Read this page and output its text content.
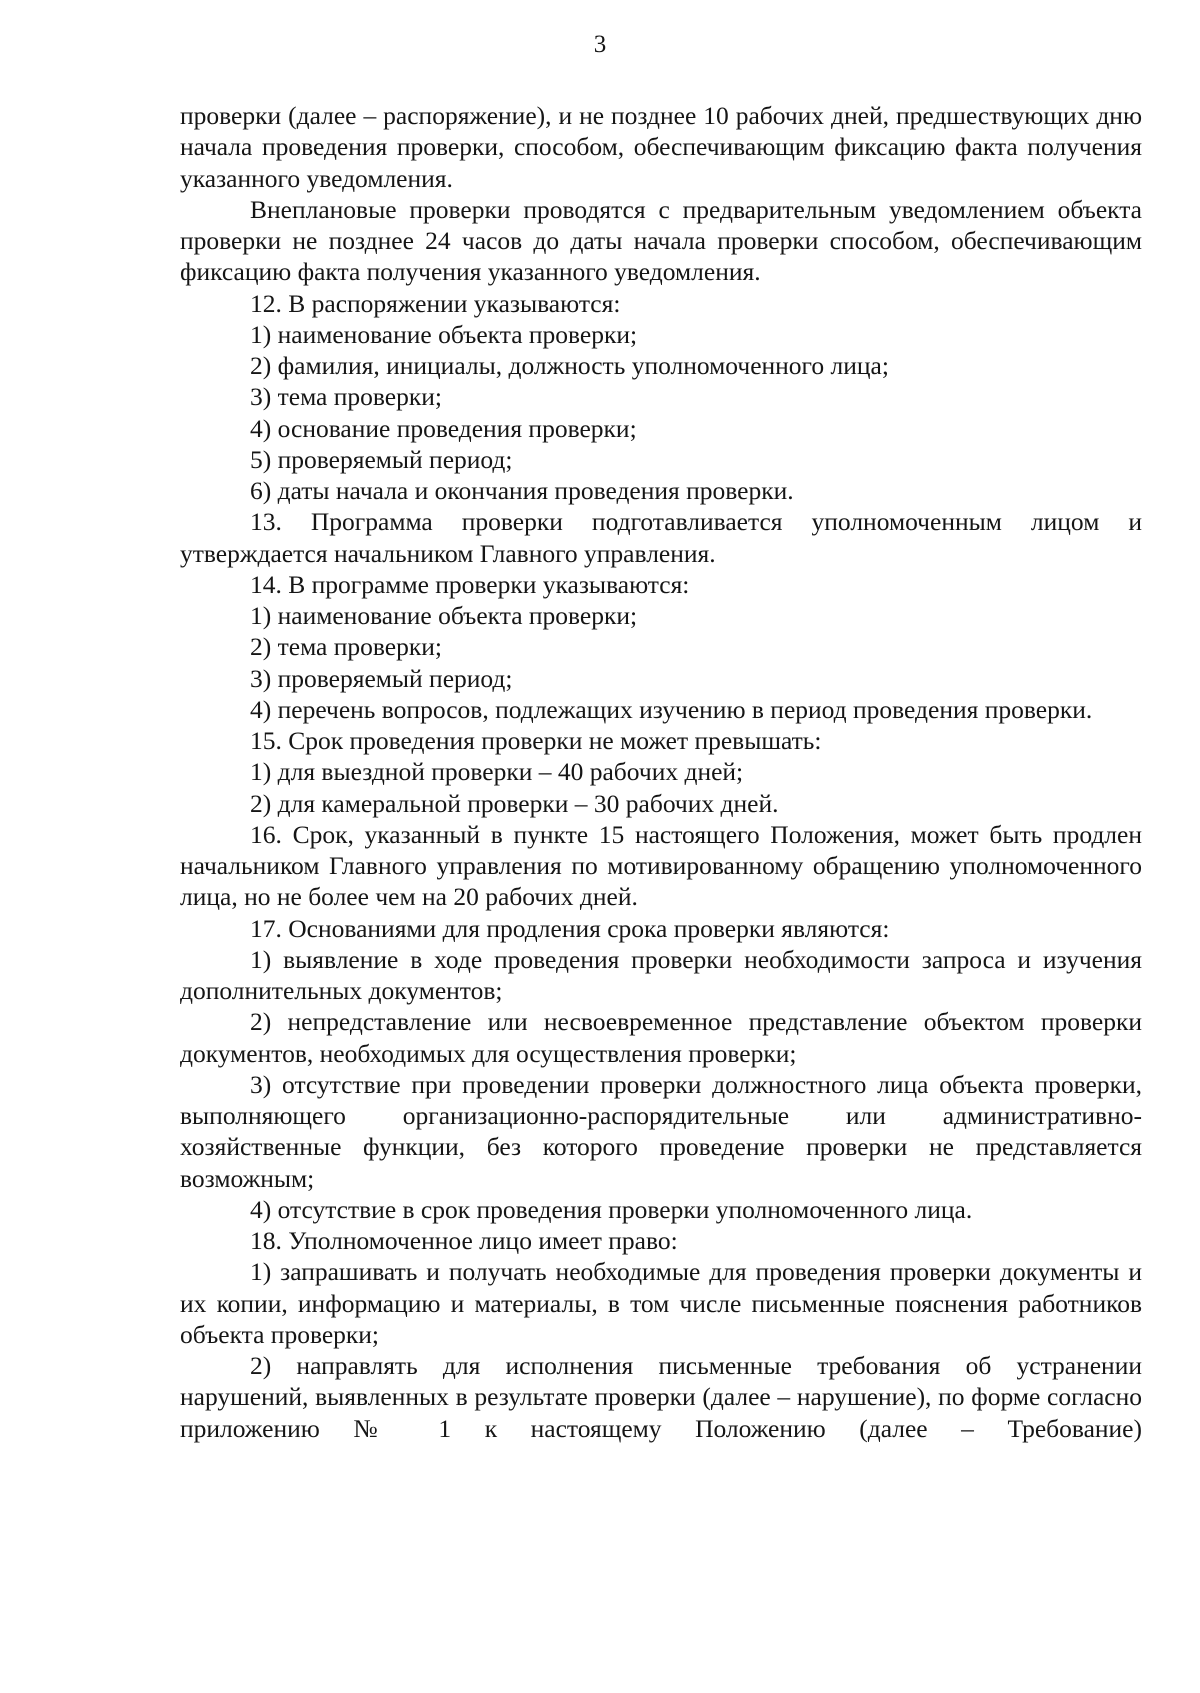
3

проверки (далее – распоряжение), и не позднее 10 рабочих дней, предшествующих дню начала проведения проверки, способом, обеспечивающим фиксацию факта получения указанного уведомления.

Внеплановые проверки проводятся с предварительным уведомлением объекта проверки не позднее 24 часов до даты начала проверки способом, обеспечивающим фиксацию факта получения указанного уведомления.

12. В распоряжении указываются:

1) наименование объекта проверки;

2) фамилия, инициалы, должность уполномоченного лица;

3) тема проверки;

4) основание проведения проверки;

5) проверяемый период;

6) даты начала и окончания проведения проверки.

13. Программа проверки подготавливается уполномоченным лицом и утверждается начальником Главного управления.

14. В программе проверки указываются:

1) наименование объекта проверки;

2) тема проверки;

3) проверяемый период;

4) перечень вопросов, подлежащих изучению в период проведения проверки.

15. Срок проведения проверки не может превышать:

1) для выездной проверки – 40 рабочих дней;

2) для камеральной проверки – 30 рабочих дней.

16. Срок, указанный в пункте 15 настоящего Положения, может быть продлен начальником Главного управления по мотивированному обращению уполномоченного лица, но не более чем на 20 рабочих дней.

17. Основаниями для продления срока проверки являются:

1) выявление в ходе проведения проверки необходимости запроса и изучения дополнительных документов;

2) непредставление или несвоевременное представление объектом проверки документов, необходимых для осуществления проверки;

3) отсутствие при проведении проверки должностного лица объекта проверки, выполняющего организационно-распорядительные или административно-хозяйственные функции, без которого проведение проверки не представляется возможным;

4) отсутствие в срок проведения проверки уполномоченного лица.

18. Уполномоченное лицо имеет право:

1) запрашивать и получать необходимые для проведения проверки документы и их копии, информацию и материалы, в том числе письменные пояснения работников объекта проверки;

2) направлять для исполнения письменные требования об устранении нарушений, выявленных в результате проверки (далее – нарушение), по форме согласно приложению № 1 к настоящему Положению (далее – Требование)
